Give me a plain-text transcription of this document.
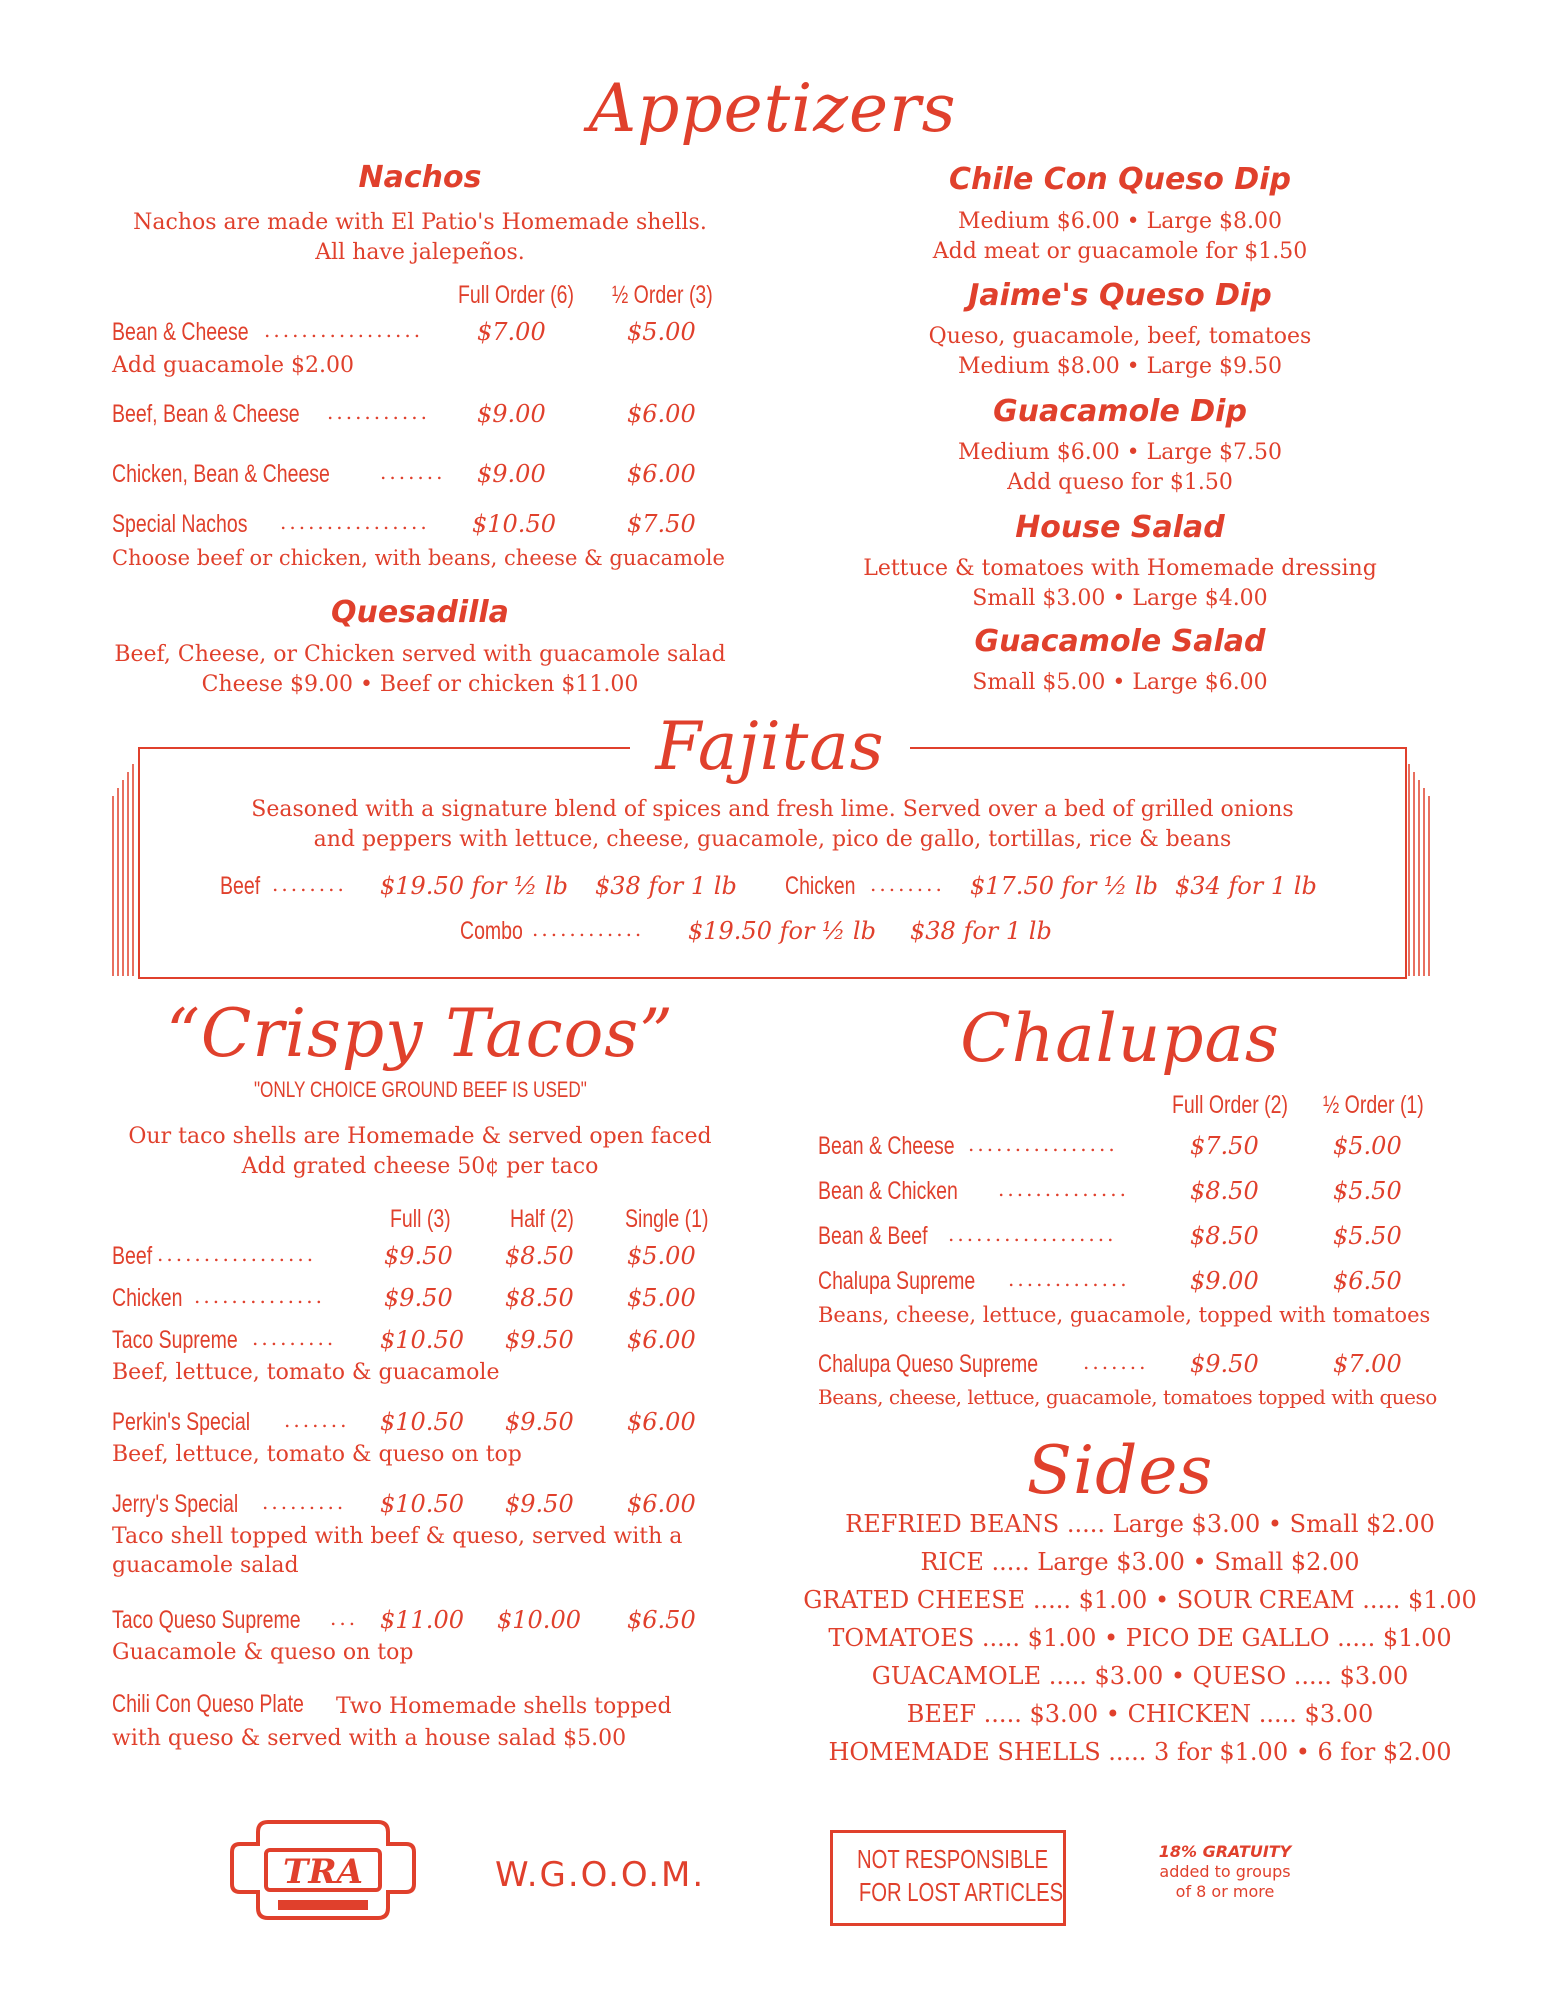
Appetizers
Nachos
Nachos are made with El Patio's Homemade shells.
All have jalepeños.
Full Order (6)	½ Order (3)
Bean & Cheese ................. $7.00	$5.00
Add guacamole $2.00
Beef, Bean & Cheese ........... $9.00	$6.00
Chicken, Bean & Cheese	....... $9.00	$6.00
Special Nachos ................ $10.50	$7.50
Choose beef or chicken, with beans, cheese & guacamole
Quesadilla
Beef, Cheese, or Chicken served with guacamole salad
Cheese $9.00 • Beef or chicken $11.00
Chile Con Queso Dip
Medium $6.00 • Large $8.00
Add meat or guacamole for $1.50
Jaime's Queso Dip
Queso, guacamole, beef, tomatoes
Medium $8.00 • Large $9.50
Guacamole Dip
Medium $6.00 • Large $7.50
Add queso for $1.50
House Salad
Lettuce & tomatoes with Homemade dressing
Small $3.00 • Large $4.00
Guacamole Salad
Small $5.00 • Large $6.00
Fajitas
Seasoned with a signature blend of spices and fresh lime. Served over a bed of grilled onions
and peppers with lettuce, cheese, guacamole, pico de gallo, tortillas, rice & beans
Beef ........ $19.50 for ½ lb $38 for 1 lb Chicken ........ $17.50 for ½ lb $34 for 1 lb
Combo ............ $19.50 for ½ lb $38 for 1 lb
“Crispy Tacos”
"ONLY CHOICE GROUND BEEF IS USED"
Our taco shells are Homemade & served open faced
Add grated cheese 50¢ per taco
Full (3)	Half (2)	Single (1)
Beef .................	$9.50 $8.50 $5.00
Chicken .............. $9.50 $8.50 $5.00
Taco Supreme ......... $10.50 $9.50 $6.00
Beef, lettuce, tomato & guacamole
Perkin's Special ....... $10.50 $9.50 $6.00
Beef, lettuce, tomato & queso on top
Jerry's Special ......... $10.50 $9.50 $6.00
Taco shell topped with beef & queso, served with a
guacamole salad
Taco Queso Supreme ... $11.00 $10.00 $6.50
Guacamole & queso on top
Chili Con Queso Plate Two Homemade shells topped
with queso & served with a house salad $5.00
Chalupas
Full Order (2)	½ Order (1)
Bean & Cheese ................	$7.50	$5.00
Bean & Chicken ..............	$8.50	$5.50
Bean & Beef ..................	$8.50	$5.50
Chalupa Supreme .............	$9.00	$6.50
Beans, cheese, lettuce, guacamole, topped with tomatoes
Chalupa Queso Supreme ....... $9.50	$7.00
Beans, cheese, lettuce, guacamole, tomatoes topped with queso
Sides
REFRIED BEANS ..... Large $3.00 • Small $2.00
RICE ..... Large $3.00 • Small $2.00
GRATED CHEESE ..... $1.00 • SOUR CREAM ..... $1.00
TOMATOES ..... $1.00 • PICO DE GALLO ..... $1.00
GUACAMOLE ..... $3.00 • QUESO ..... $3.00
BEEF ..... $3.00 • CHICKEN ..... $3.00
HOMEMADE SHELLS ..... 3 for $1.00 • 6 for $2.00
TRA	W.G.O.O.M.	NOT RESPONSIBLE
FOR LOST ARTICLES
18% GRATUITY
added to groups
of 8 or more
